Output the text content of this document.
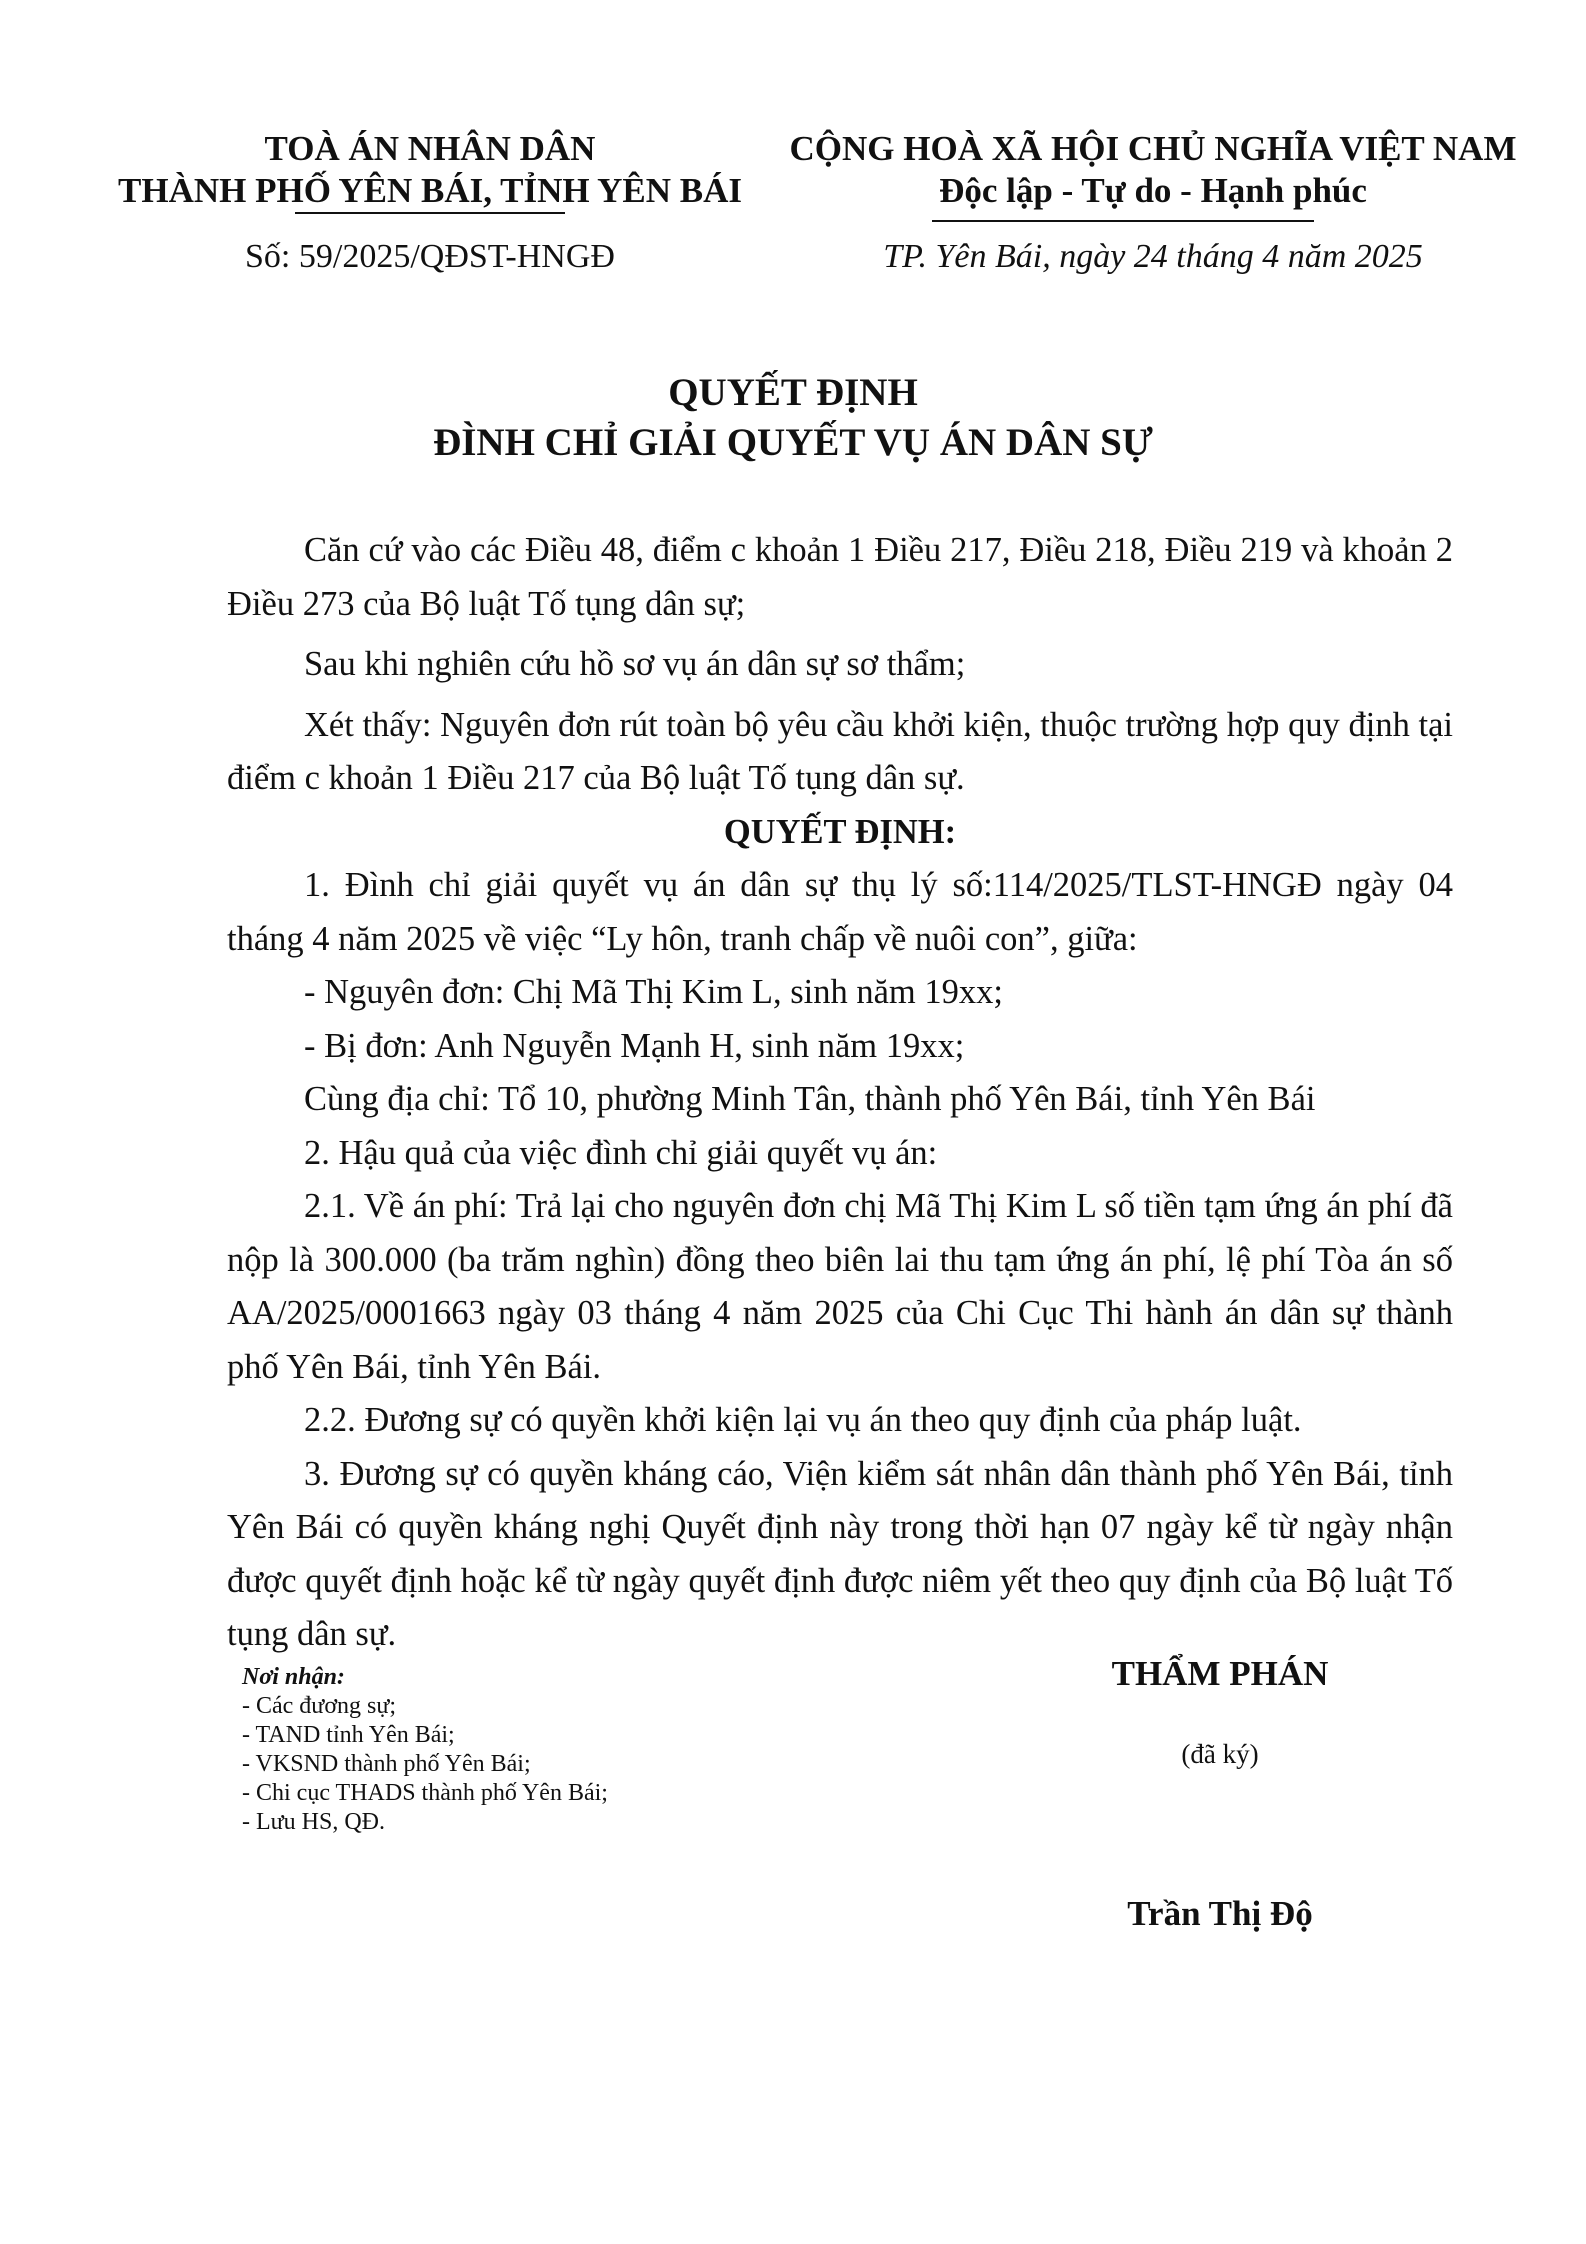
TOÀ ÁN NHÂN DÂN
THÀNH PHỐ YÊN BÁI, TỈNH YÊN BÁI
CỘNG HOÀ XÃ HỘI CHỦ NGHĨA VIỆT NAM
Độc lập - Tự do - Hạnh phúc
Số: 59/2025/QĐST-HNGĐ	TP. Yên Bái, ngày 24 tháng 4 năm 2025
QUYẾT ĐỊNH
ĐÌNH CHỈ GIẢI QUYẾT VỤ ÁN DÂN SỰ

Căn cứ vào các Điều 48, điểm c khoản 1 Điều 217, Điều 218, Điều 219 và khoản 2 Điều 273 của Bộ luật Tố tụng dân sự;

Sau khi nghiên cứu hồ sơ vụ án dân sự sơ thẩm;

Xét thấy: Nguyên đơn rút toàn bộ yêu cầu khởi kiện, thuộc trường hợp quy định tại điểm c khoản 1 Điều 217 của Bộ luật Tố tụng dân sự.

QUYẾT ĐỊNH:

1. Đình chỉ giải quyết vụ án dân sự thụ lý số:114/2025/TLST-HNGĐ ngày 04 tháng 4 năm 2025 về việc “Ly hôn, tranh chấp về nuôi con”, giữa:

- Nguyên đơn: Chị Mã Thị Kim L, sinh năm 19xx;

- Bị đơn: Anh Nguyễn Mạnh H, sinh năm 19xx;

Cùng địa chỉ: Tổ 10, phường Minh Tân, thành phố Yên Bái, tỉnh Yên Bái

2. Hậu quả của việc đình chỉ giải quyết vụ án:

2.1. Về án phí: Trả lại cho nguyên đơn chị Mã Thị Kim L số tiền tạm ứng án phí đã nộp là 300.000 (ba trăm nghìn) đồng theo biên lai thu tạm ứng án phí, lệ phí Tòa án số AA/2025/0001663 ngày 03 tháng 4 năm 2025 của Chi Cục Thi hành án dân sự thành phố Yên Bái, tỉnh Yên Bái.

2.2. Đương sự có quyền khởi kiện lại vụ án theo quy định của pháp luật.

3. Đương sự có quyền kháng cáo, Viện kiểm sát nhân dân thành phố Yên Bái, tỉnh Yên Bái có quyền kháng nghị Quyết định này trong thời hạn 07 ngày kể từ ngày nhận được quyết định hoặc kể từ ngày quyết định được niêm yết theo quy định của Bộ luật Tố tụng dân sự.

Nơi nhận:
- Các đương sự;
- TAND tỉnh Yên Bái;
- VKSND thành phố Yên Bái;
- Chi cục THADS thành phố Yên Bái;
- Lưu HS, QĐ.
THẨM PHÁN
(đã ký)
Trần Thị Độ
